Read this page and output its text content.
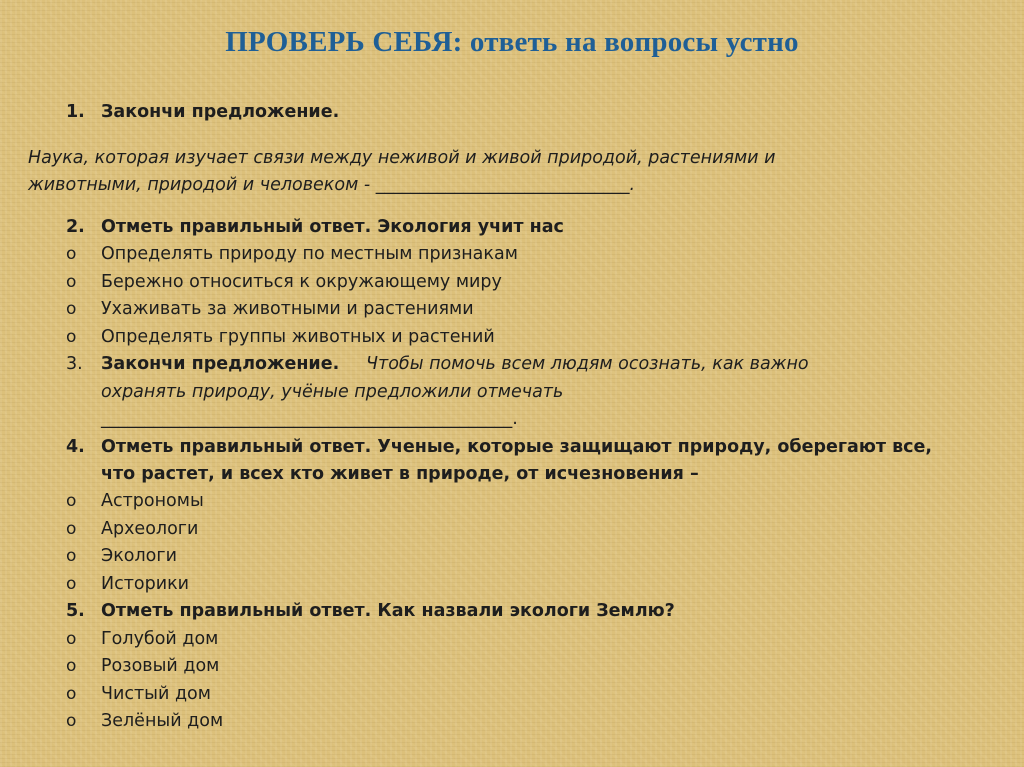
ПРОВЕРЬ СЕБЯ: ответь на вопросы устно
1. Закончи предложение.
Наука, которая изучает связи между неживой и живой природой, растениями и
животными, природой и человеком - _____________________________.
2. Отметь правильный ответ. Экология учит нас
o Определять природу по местным признакам
o Бережно относиться к окружающему миру
o Ухаживать за животными и растениями
o Определять группы животных и растений
3. Закончи предложение. Чтобы помочь всем людям осознать, как важно
охранять природу, учёные предложили отмечать
_______________________________________________.
4. Отметь правильный ответ. Ученые, которые защищают природу, оберегают все,
что растет, и всех кто живет в природе, от исчезновения –
o Астрономы
o Археологи
o Экологи
o Историки
5. Отметь правильный ответ. Как назвали экологи Землю?
o Голубой дом
o Розовый дом
o Чистый дом
o Зелёный дом
